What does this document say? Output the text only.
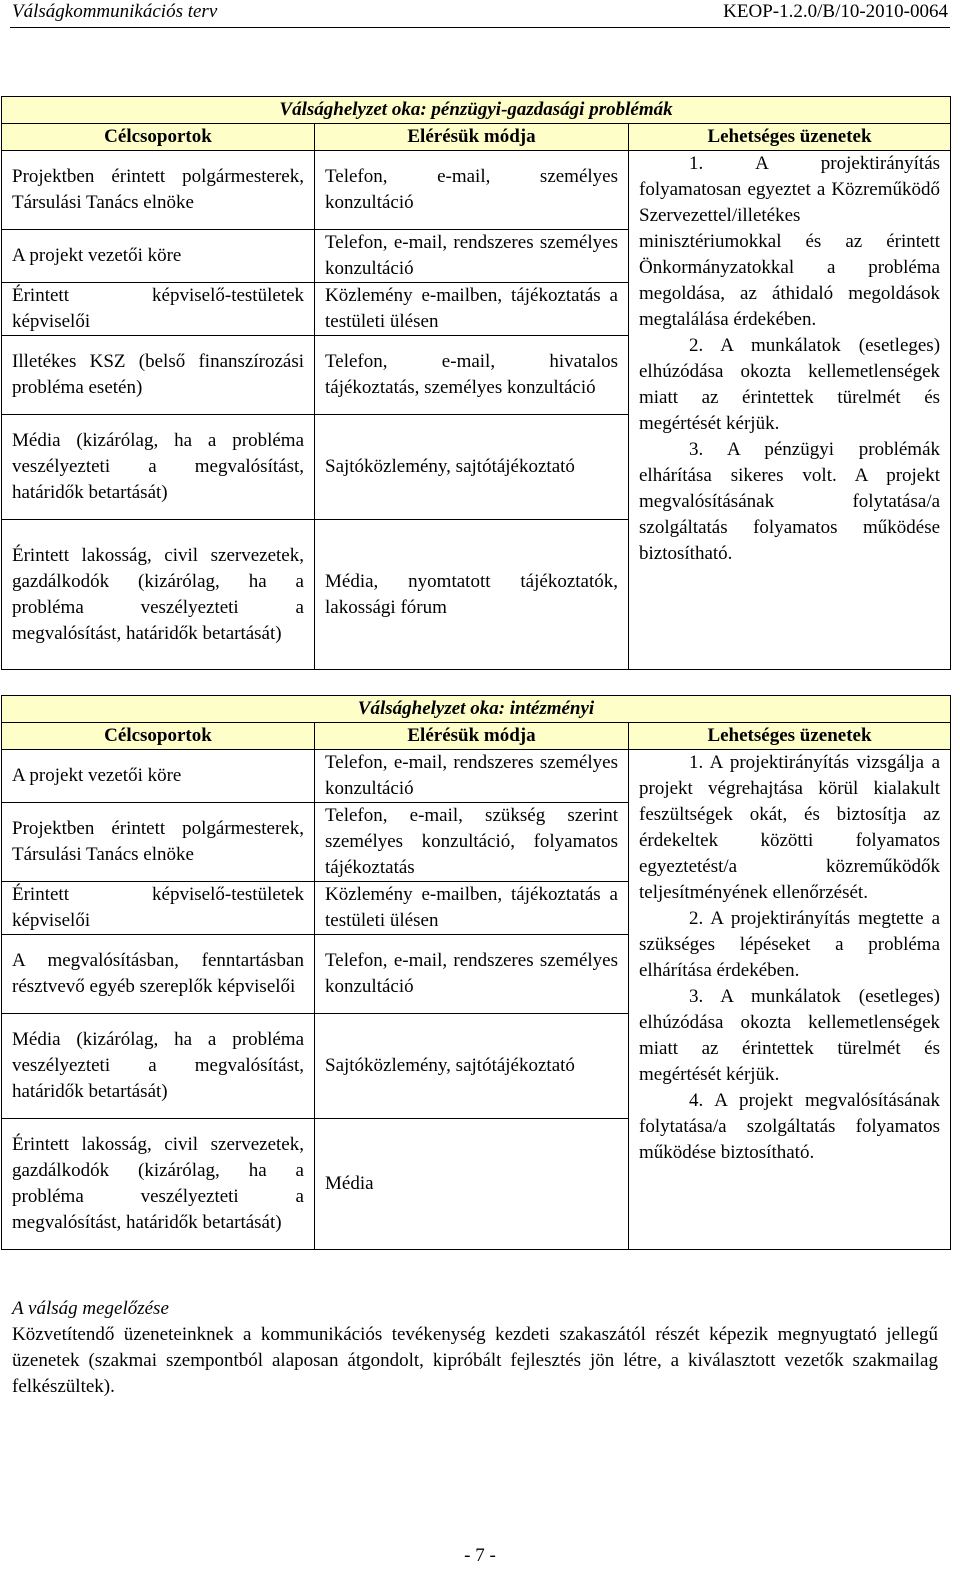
Válságkommunikációs terv	KEOP-1.2.0/B/10-2010-0064
Válsághelyzet oka: pénzügyi-gazdasági problémák		
Célcsoportok	Elérésük módja	Lehetséges üzenetek
Projektben érintett polgármesterek, Társulási Tanács elnöke	Telefon, e-mail, személyes konzultáció	1. A projektirányítás folyamatosan egyeztet a Közreműködő Szervezettel/illetékes minisztériumokkal és az érintett Önkormányzatokkal a probléma megoldása, az áthidaló megoldások megtalálása érdekében.

2. A munkálatok (esetleges) elhúzódása okozta kellemetlenségek miatt az érintettek türelmét és megértését kérjük.

3. A pénzügyi problémák elhárítása sikeres volt. A projekt megvalósításának folytatása/a szolgáltatás folyamatos működése biztosítható.

A projekt vezetői köre	Telefon, e-mail, rendszeres személyes konzultáció	
Érintett képviselő-testületek képviselői	Közlemény e-mailben, tájékoztatás a testületi ülésen	
Illetékes KSZ (belső finanszírozási probléma esetén)	Telefon, e-mail, hivatalos tájékoztatás, személyes konzultáció	
Média (kizárólag, ha a probléma veszélyezteti a megvalósítást, határidők betartását)	Sajtóközlemény, sajtótájékoztató	
Érintett lakosság, civil szervezetek, gazdálkodók (kizárólag, ha a probléma veszélyezteti a megvalósítást, határidők betartását)	Média, nyomtatott tájékoztatók, lakossági fórum	
Válsághelyzet oka: intézményi		
Célcsoportok	Elérésük módja	Lehetséges üzenetek
A projekt vezetői köre	Telefon, e-mail, rendszeres személyes konzultáció	1. A projektirányítás vizsgálja a projekt végrehajtása körül kialakult feszültségek okát, és biztosítja az érdekeltek közötti folyamatos egyeztetést/a közreműködők teljesítményének ellenőrzését.

2. A projektirányítás megtette a szükséges lépéseket a probléma elhárítása érdekében.

3. A munkálatok (esetleges) elhúzódása okozta kellemetlenségek miatt az érintettek türelmét és megértését kérjük.

4. A projekt megvalósításának folytatása/a szolgáltatás folyamatos működése biztosítható.

Projektben érintett polgármesterek, Társulási Tanács elnöke	Telefon, e-mail, szükség szerint személyes konzultáció, folyamatos tájékoztatás	
Érintett képviselő-testületek képviselői	Közlemény e-mailben, tájékoztatás a testületi ülésen	
A megvalósításban, fenntartásban résztvevő egyéb szereplők képviselői	Telefon, e-mail, rendszeres személyes konzultáció	
Média (kizárólag, ha a probléma veszélyezteti a megvalósítást, határidők betartását)	Sajtóközlemény, sajtótájékoztató	
Érintett lakosság, civil szervezetek, gazdálkodók (kizárólag, ha a probléma veszélyezteti a megvalósítást, határidők betartását)	Média	

A válság megelőzése

Közvetítendő üzeneteinknek a kommunikációs tevékenység kezdeti szakaszától részét képezik megnyugtató jellegű üzenetek (szakmai szempontból alaposan átgondolt, kipróbált fejlesztés jön létre, a kiválasztott vezetők szakmailag felkészültek).

- 7 -
